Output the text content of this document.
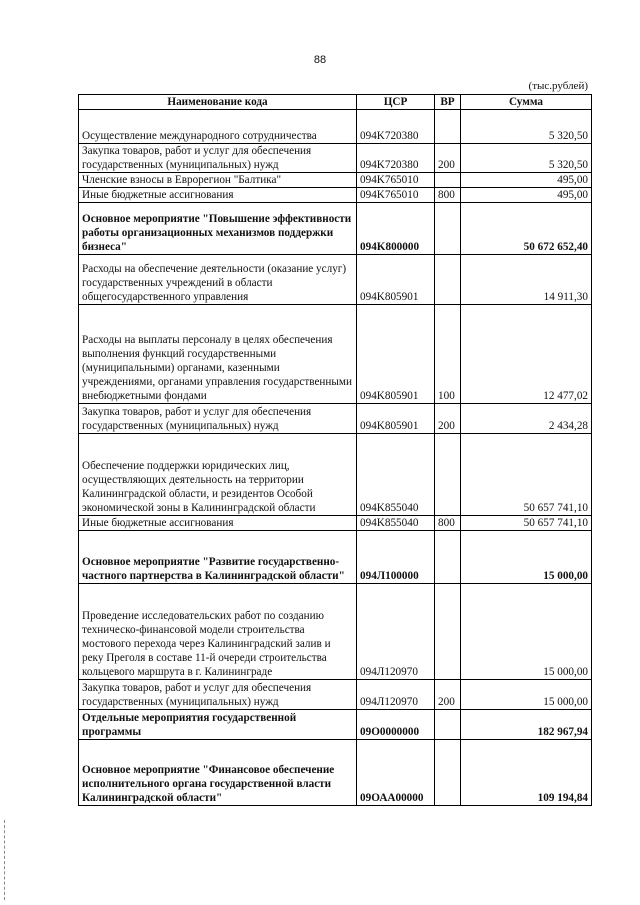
88
(тыс.рублей)
Наименование кода	ЦСР	ВР	Сумма
Осуществление международного сотрудничества	094K720380		5 320,50
Закупка товаров, работ и услуг для обеспечения государственных (муниципальных) нужд	094K720380	200	5 320,50
Членские взносы в Еврорегион "Балтика"	094K765010		495,00
Иные бюджетные ассигнования	094K765010	800	495,00
Основное мероприятие "Повышение эффективности работы организационных механизмов поддержки бизнеса"	094K800000		50 672 652,40
Расходы на обеспечение деятельности (оказание услуг) государственных учреждений в области общегосударственного управления	094K805901		14 911,30
Расходы на выплаты персоналу в целях обеспечения выполнения функций государственными (муниципальными) органами, казенными учреждениями, органами управления государственными внебюджетными фондами	094K805901	100	12 477,02
Закупка товаров, работ и услуг для обеспечения государственных (муниципальных) нужд	094K805901	200	2 434,28
Обеспечение поддержки юридических лиц, осуществляющих деятельность на территории Калининградской области, и резидентов Особой экономической зоны в Калининградской области	094K855040		50 657 741,10
Иные бюджетные ассигнования	094K855040	800	50 657 741,10
Основное мероприятие "Развитие государственно-частного партнерства в Калининградской области"	094Л100000		15 000,00
Проведение исследовательских работ по созданию техническо-финансовой модели строительства мостового перехода через Калининградский залив и реку Преголя в составе 11-й очереди строительства кольцевого маршрута в г. Калининграде	094Л120970		15 000,00
Закупка товаров, работ и услуг для обеспечения государственных (муниципальных) нужд	094Л120970	200	15 000,00
Отдельные мероприятия государственной программы	09О0000000		182 967,94
Основное мероприятие "Финансовое обеспечение исполнительного органа государственной власти Калининградской области"	09ОАА00000		109 194,84
